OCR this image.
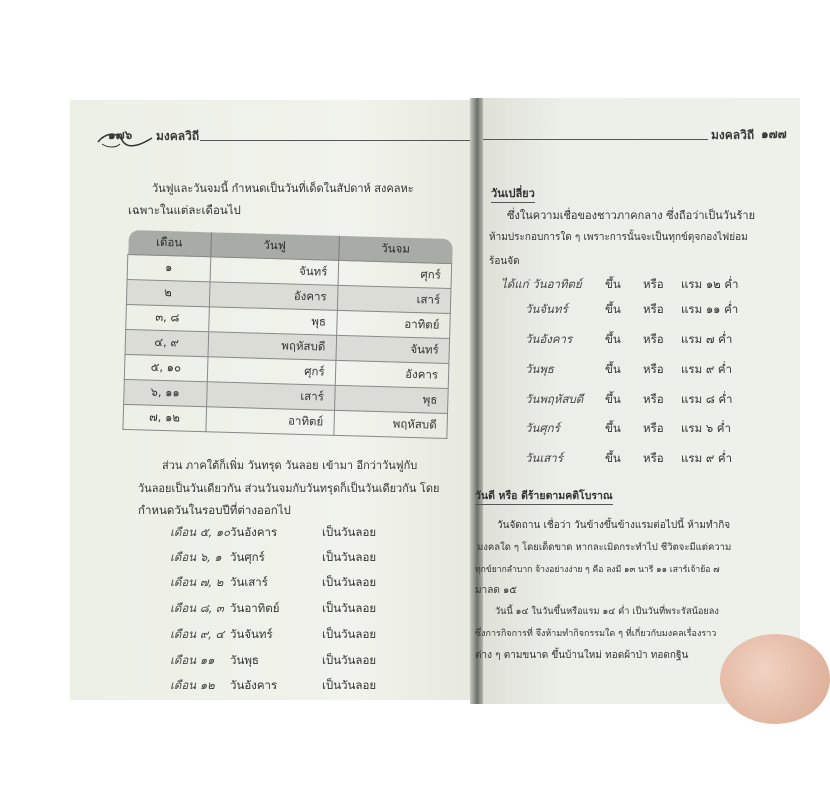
๑๗๖ มงคลวิถี
วันฟูและวันจมนี้ กำหนดเป็นวันที่เด็ดในสัปดาห์ สงคลหะ
เฉพาะในแต่ละเดือนไป
เดือน	วันฟู	วันจม
๑	จันทร์	ศุกร์
๒	อังคาร	เสาร์
๓, ๘	พุธ	อาทิตย์
๔, ๙	พฤหัสบดี	จันทร์
๕, ๑๐	ศุกร์	อังคาร
๖, ๑๑	เสาร์	พุธ
๗, ๑๒	อาทิตย์	พฤหัสบดี
ส่วน ภาคใต้ก็เพิ่ม วันทรุด วันลอย เข้ามา อีกว่าวันฟูกับ
วันลอยเป็นวันเดียวกัน ส่วนวันจมกับวันทรุดก็เป็นวันเดียวกัน โดย
กำหนดวันในรอบปีที่ต่างออกไป
เดือน ๕, ๑๐ วันอังคาร	เป็นวันลอย
เดือน ๖, ๑ วันศุกร์	เป็นวันลอย
เดือน ๗, ๒ วันเสาร์	เป็นวันลอย
เดือน ๘, ๓ วันอาทิตย์	เป็นวันลอย
เดือน ๙, ๔ วันจันทร์	เป็นวันลอย
เดือน ๑๑ วันพุธ	เป็นวันลอย
เดือน ๑๒ วันอังคาร	เป็นวันลอย
มงคลวิถี ๑๗๗
วันเปลี่ยว
ซึ่งในความเชื่อของชาวภาคกลาง ซึ่งถือว่าเป็นวันร้าย
ห้ามประกอบการใด ๆ เพราะการนั้นจะเป็นทุกข์ดุจกองไฟย่อม
ร้อนจัด
ได้แก่ วันอาทิตย์ ขึ้น หรือ แรม ๑๒ ค่ำ
วันจันทร์	ขึ้น หรือ แรม ๑๑ ค่ำ
วันอังคาร	ขึ้น หรือ แรม ๗ ค่ำ
วันพุธ	ขึ้น หรือ แรม ๙ ค่ำ
วันพฤหัสบดี ขึ้น หรือ แรม ๘ ค่ำ
วันศุกร์	ขึ้น หรือ แรม ๖ ค่ำ
วันเสาร์	ขึ้น หรือ แรม ๙ ค่ำ
วันดี หรือ ดีร้ายตามคติโบราณ
วันจัดถาน เชื่อว่า วันข้างขึ้นข้างแรมต่อไปนี้ ห้ามทำกิจ
มงคลใด ๆ โดยเด็ดขาด หากละเมิดกระทำไป ชีวิตจะมีแต่ความ
ทุกข์ยากลำบาก จ้างอย่างง่าย ๆ คือ ลงมี ๑๓ นารี ๑๑ เสาร์เจ้าย้อ ๗
มาลด ๑๕
วันนี้ ๑๔ ในวันขึ้นหรือแรม ๑๔ ค่ำ เป็นวันที่พระรัสน้อยลง
ซึ่งการกิจการที่ จึงห้ามทำกิจกรรมใด ๆ ที่เกี่ยวกับมงคลเรื่องราว
ต่าง ๆ ตามขนาด ขึ้นบ้านใหม่ ทอดผ้าป่า ทอดกฐิน
